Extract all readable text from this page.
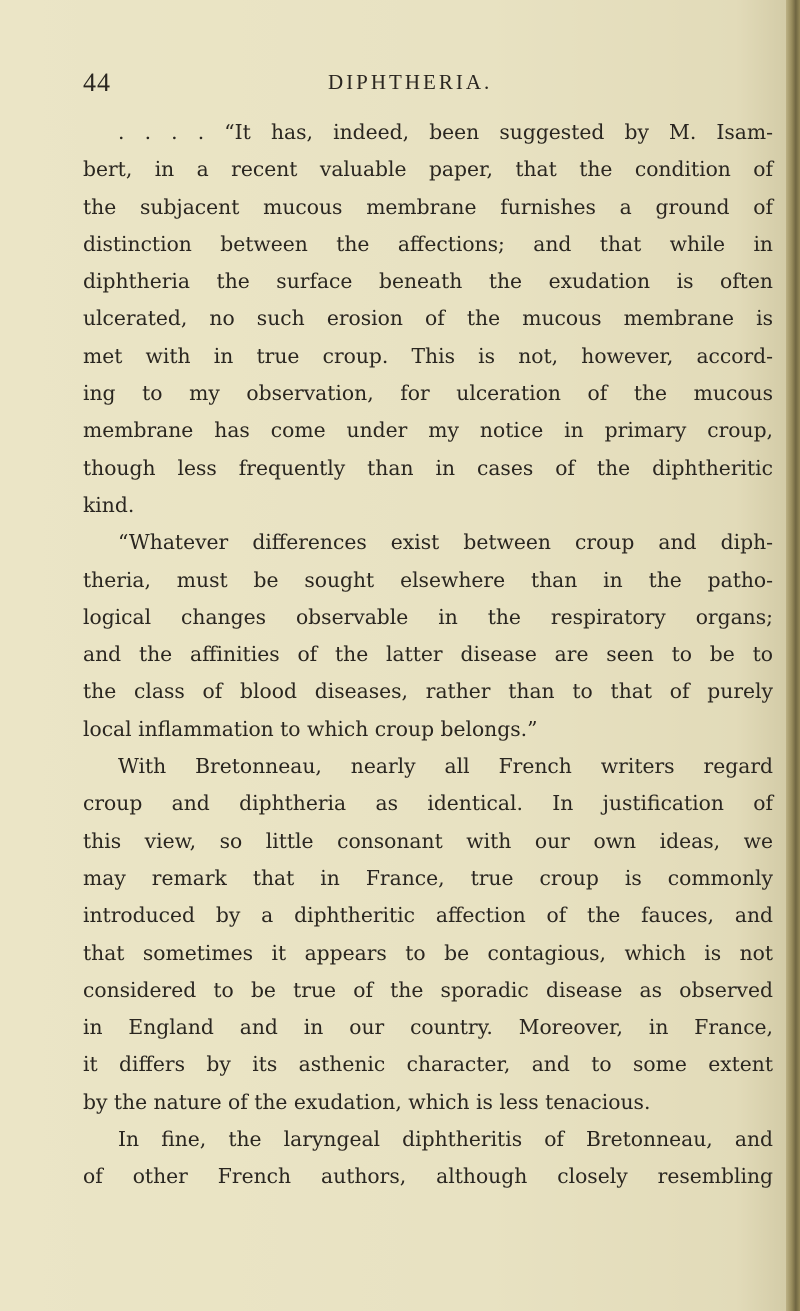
44	DIPHTHERIA.
. . . . “It has, indeed, been suggested by M. Isam-
bert, in a recent valuable paper, that the condition of
the subjacent mucous membrane furnishes a ground of
distinction between the affections; and that while in
diphtheria the surface beneath the exudation is often
ulcerated, no such erosion of the mucous membrane is
met with in true croup. This is not, however, accord-
ing to my observation, for ulceration of the mucous
membrane has come under my notice in primary croup,
though less frequently than in cases of the diphtheritic
kind.
“Whatever differences exist between croup and diph-
theria, must be sought elsewhere than in the patho-
logical changes observable in the respiratory organs;
and the affinities of the latter disease are seen to be to
the class of blood diseases, rather than to that of purely
local inflammation to which croup belongs.”
With Bretonneau, nearly all French writers regard
croup and diphtheria as identical. In justification of
this view, so little consonant with our own ideas, we
may remark that in France, true croup is commonly
introduced by a diphtheritic affection of the fauces, and
that sometimes it appears to be contagious, which is not
considered to be true of the sporadic disease as observed
in England and in our country. Moreover, in France,
it differs by its asthenic character, and to some extent
by the nature of the exudation, which is less tenacious.
In fine, the laryngeal diphtheritis of Bretonneau, and
of other French authors, although closely resembling
